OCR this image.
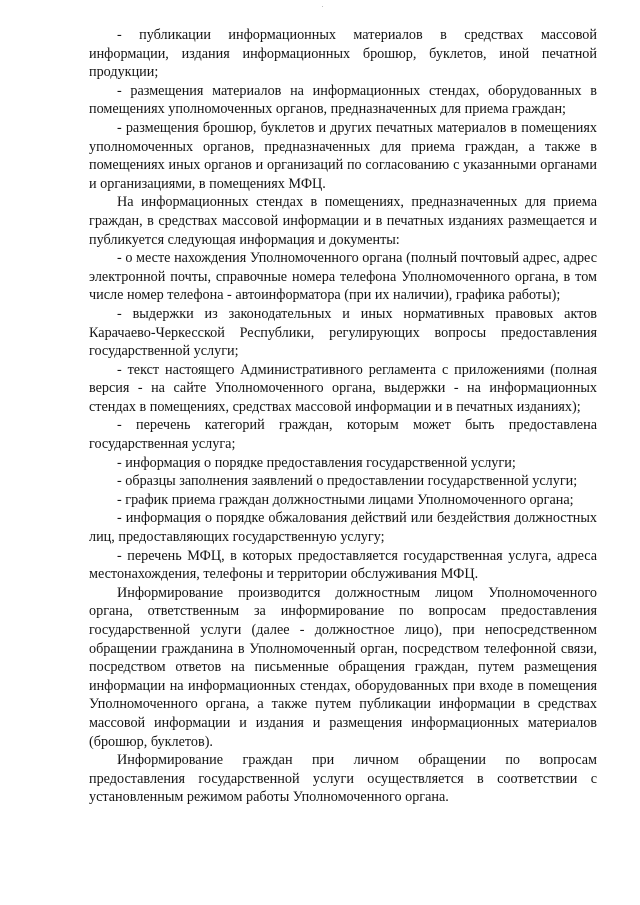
- публикации информационных материалов в средствах массовой информации, издания информационных брошюр, буклетов, иной печатной продукции;

- размещения материалов на информационных стендах, оборудованных в помещениях уполномоченных органов, предназначенных для приема граждан;

- размещения брошюр, буклетов и других печатных материалов в помещениях уполномоченных органов, предназначенных для приема граждан, а также в помещениях иных органов и организаций по согласованию с указанными органами и организациями, в помещениях МФЦ.

На информационных стендах в помещениях, предназначенных для приема граждан, в средствах массовой информации и в печатных изданиях размещается и публикуется следующая информация и документы:

- о месте нахождения Уполномоченного органа (полный почтовый адрес, адрес электронной почты, справочные номера телефона Уполномоченного органа, в том числе номер телефона - автоинформатора (при их наличии), графика работы);

- выдержки из законодательных и иных нормативных правовых актов Карачаево-Черкесской Республики, регулирующих вопросы предоставления государственной услуги;

- текст настоящего Административного регламента с приложениями (полная версия - на сайте Уполномоченного органа, выдержки - на информационных стендах в помещениях, средствах массовой информации и в печатных изданиях);

- перечень категорий граждан, которым может быть предоставлена государственная услуга;

- информация о порядке предоставления государственной услуги;

- образцы заполнения заявлений о предоставлении государственной услуги;

- график приема граждан должностными лицами Уполномоченного органа;

- информация о порядке обжалования действий или бездействия должностных лиц, предоставляющих государственную услугу;

- перечень МФЦ, в которых предоставляется государственная услуга, адреса местонахождения, телефоны и территории обслуживания МФЦ.

Информирование производится должностным лицом Уполномоченного органа, ответственным за информирование по вопросам предоставления государственной услуги (далее - должностное лицо), при непосредственном обращении гражданина в Уполномоченный орган, посредством телефонной связи, посредством ответов на письменные обращения граждан, путем размещения информации на информационных стендах, оборудованных при входе в помещения Уполномоченного органа, а также путем публикации информации в средствах массовой информации и издания и размещения информационных материалов (брошюр, буклетов).

Информирование граждан при личном обращении по вопросам предоставления государственной услуги осуществляется в соответствии с установленным режимом работы Уполномоченного органа.
